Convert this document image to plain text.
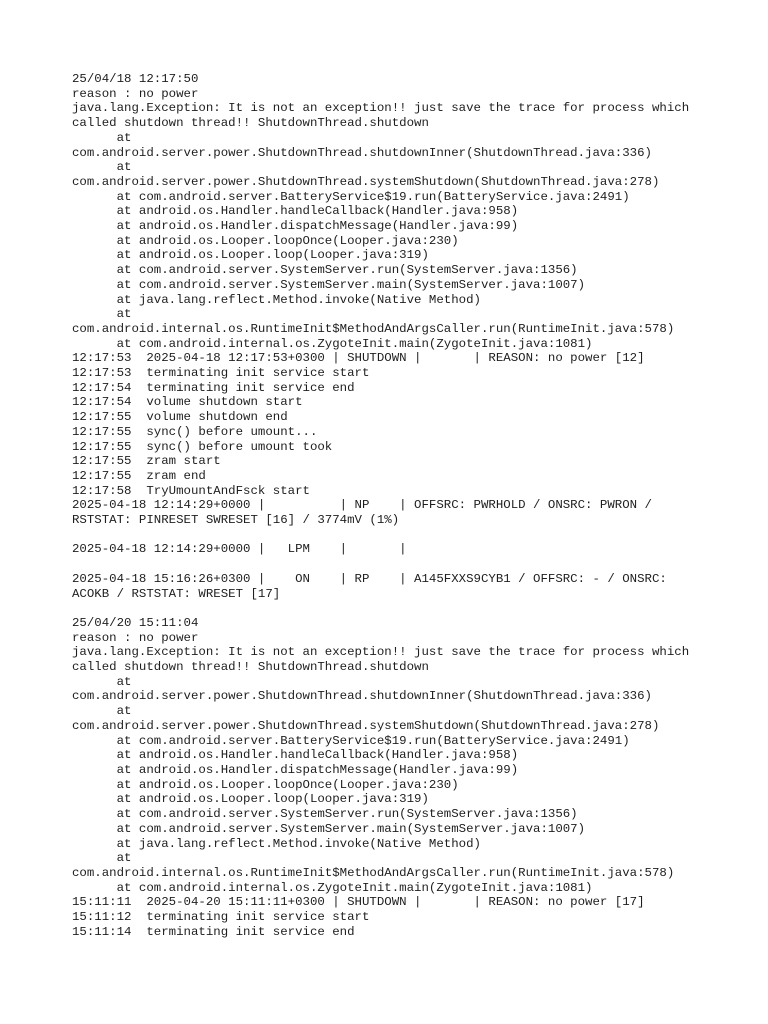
25/04/18 12:17:50
reason : no power
java.lang.Exception: It is not an exception!! just save the trace for process which
called shutdown thread!! ShutdownThread.shutdown
at
com.android.server.power.ShutdownThread.shutdownInner(ShutdownThread.java:336)
at
com.android.server.power.ShutdownThread.systemShutdown(ShutdownThread.java:278)
at com.android.server.BatteryService$19.run(BatteryService.java:2491)
at android.os.Handler.handleCallback(Handler.java:958)
at android.os.Handler.dispatchMessage(Handler.java:99)
at android.os.Looper.loopOnce(Looper.java:230)
at android.os.Looper.loop(Looper.java:319)
at com.android.server.SystemServer.run(SystemServer.java:1356)
at com.android.server.SystemServer.main(SystemServer.java:1007)
at java.lang.reflect.Method.invoke(Native Method)
at
com.android.internal.os.RuntimeInit$MethodAndArgsCaller.run(RuntimeInit.java:578)
at com.android.internal.os.ZygoteInit.main(ZygoteInit.java:1081)
12:17:53  2025-04-18 12:17:53+0300 | SHUTDOWN |       | REASON: no power [12]
12:17:53  terminating init service start
12:17:54  terminating init service end
12:17:54  volume shutdown start
12:17:55  volume shutdown end
12:17:55  sync() before umount...
12:17:55  sync() before umount took
12:17:55  zram start
12:17:55  zram end
12:17:58  TryUmountAndFsck start
2025-04-18 12:14:29+0000 |          | NP    | OFFSRC: PWRHOLD / ONSRC: PWRON /
RSTSTAT: PINRESET SWRESET [16] / 3774mV (1%)
2025-04-18 12:14:29+0000 |   LPM    |       |
2025-04-18 15:16:26+0300 |    ON    | RP    | A145FXXS9CYB1 / OFFSRC: - / ONSRC:
ACOKB / RSTSTAT: WRESET [17]
25/04/20 15:11:04
reason : no power
java.lang.Exception: It is not an exception!! just save the trace for process which
called shutdown thread!! ShutdownThread.shutdown
at
com.android.server.power.ShutdownThread.shutdownInner(ShutdownThread.java:336)
at
com.android.server.power.ShutdownThread.systemShutdown(ShutdownThread.java:278)
at com.android.server.BatteryService$19.run(BatteryService.java:2491)
at android.os.Handler.handleCallback(Handler.java:958)
at android.os.Handler.dispatchMessage(Handler.java:99)
at android.os.Looper.loopOnce(Looper.java:230)
at android.os.Looper.loop(Looper.java:319)
at com.android.server.SystemServer.run(SystemServer.java:1356)
at com.android.server.SystemServer.main(SystemServer.java:1007)
at java.lang.reflect.Method.invoke(Native Method)
at
com.android.internal.os.RuntimeInit$MethodAndArgsCaller.run(RuntimeInit.java:578)
at com.android.internal.os.ZygoteInit.main(ZygoteInit.java:1081)
15:11:11  2025-04-20 15:11:11+0300 | SHUTDOWN |       | REASON: no power [17]
15:11:12  terminating init service start
15:11:14  terminating init service end
